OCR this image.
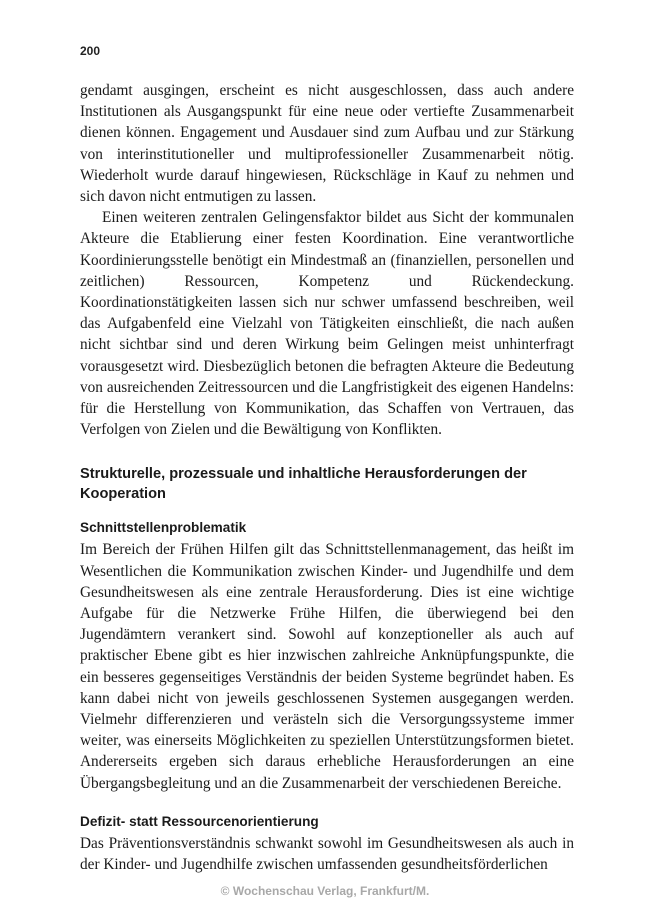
200

gendamt ausgingen, erscheint es nicht ausgeschlossen, dass auch andere Institutionen als Ausgangspunkt für eine neue oder vertiefte Zusammenarbeit dienen können. Engagement und Ausdauer sind zum Aufbau und zur Stärkung von interinstitutioneller und multiprofessioneller Zusammenarbeit nötig. Wiederholt wurde darauf hingewiesen, Rückschläge in Kauf zu nehmen und sich davon nicht entmutigen zu lassen.

Einen weiteren zentralen Gelingensfaktor bildet aus Sicht der kommunalen Akteure die Etablierung einer festen Koordination. Eine verantwortliche Koordinierungsstelle benötigt ein Mindestmaß an (finanziellen, personellen und zeitlichen) Ressourcen, Kompetenz und Rückendeckung. Koordinationstätigkeiten lassen sich nur schwer umfassend beschreiben, weil das Aufgabenfeld eine Vielzahl von Tätigkeiten einschließt, die nach außen nicht sichtbar sind und deren Wirkung beim Gelingen meist unhinterfragt vorausgesetzt wird. Diesbezüglich betonen die befragten Akteure die Bedeutung von ausreichenden Zeitressourcen und die Langfristigkeit des eigenen Handelns: für die Herstellung von Kommunikation, das Schaffen von Vertrauen, das Verfolgen von Zielen und die Bewältigung von Konflikten.

Strukturelle, prozessuale und inhaltliche Herausforderungen der Kooperation
Schnittstellenproblematik

Im Bereich der Frühen Hilfen gilt das Schnittstellenmanagement, das heißt im Wesentlichen die Kommunikation zwischen Kinder- und Jugendhilfe und dem Gesundheitswesen als eine zentrale Herausforderung. Dies ist eine wichtige Aufgabe für die Netzwerke Frühe Hilfen, die überwiegend bei den Jugendämtern verankert sind. Sowohl auf konzeptioneller als auch auf praktischer Ebene gibt es hier inzwischen zahlreiche Anknüpfungspunkte, die ein besseres gegenseitiges Verständnis der beiden Systeme begründet haben. Es kann dabei nicht von jeweils geschlossenen Systemen ausgegangen werden. Vielmehr differenzieren und verästeln sich die Versorgungssysteme immer weiter, was einerseits Möglichkeiten zu speziellen Unterstützungsformen bietet. Andererseits ergeben sich daraus erhebliche Herausforderungen an eine Übergangsbegleitung und an die Zusammenarbeit der verschiedenen Bereiche.

Defizit- statt Ressourcenorientierung

Das Präventionsverständnis schwankt sowohl im Gesundheitswesen als auch in der Kinder- und Jugendhilfe zwischen umfassenden gesundheitsförderlichen

© Wochenschau Verlag, Frankfurt/M.
